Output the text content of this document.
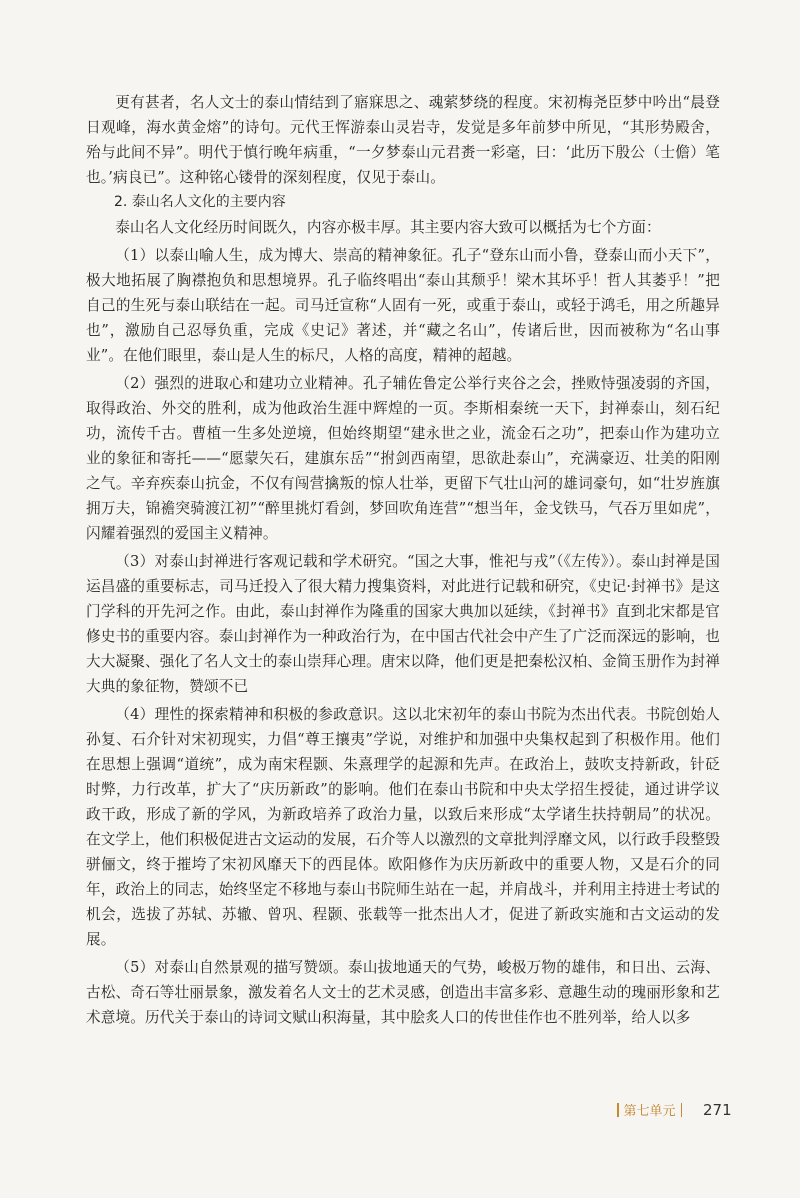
更有甚者，名人文士的泰山情结到了寤寐思之、魂萦梦绕的程度。宋初梅尧臣梦中吟出“晨登日观峰，海水黄金熔”的诗句。元代王恽游泰山灵岩寺，发觉是多年前梦中所见，“其形势殿舍，殆与此间不异”。明代于慎行晚年病重，“一夕梦泰山元君赉一彩毫，曰：‘此历下殷公（士儋）笔也。’病良已”。这种铭心镂骨的深刻程度，仅见于泰山。

2. 泰山名人文化的主要内容

泰山名人文化经历时间既久，内容亦极丰厚。其主要内容大致可以概括为七个方面：

（1）以泰山喻人生，成为博大、崇高的精神象征。孔子“登东山而小鲁，登泰山而小天下”，极大地拓展了胸襟抱负和思想境界。孔子临终唱出“泰山其颓乎！梁木其坏乎！哲人其萎乎！”把自己的生死与泰山联结在一起。司马迁宣称“人固有一死，或重于泰山，或轻于鸿毛，用之所趣异也”，激励自己忍辱负重，完成《史记》著述，并“藏之名山”，传诸后世，因而被称为“名山事业”。在他们眼里，泰山是人生的标尺，人格的高度，精神的超越。

（2）强烈的进取心和建功立业精神。孔子辅佐鲁定公举行夹谷之会，挫败恃强凌弱的齐国，取得政治、外交的胜利，成为他政治生涯中辉煌的一页。李斯相秦统一天下，封禅泰山，刻石纪功，流传千古。曹植一生多处逆境，但始终期望“建永世之业，流金石之功”，把泰山作为建功立业的象征和寄托——“愿蒙矢石，建旗东岳”“拊剑西南望，思欲赴泰山”，充满豪迈、壮美的阳刚之气。辛弃疾泰山抗金，不仅有闯营擒叛的惊人壮举，更留下气壮山河的雄词豪句，如“壮岁旌旗拥万夫，锦襜突骑渡江初”“醉里挑灯看剑，梦回吹角连营”“想当年，金戈铁马，气吞万里如虎”，闪耀着强烈的爱国主义精神。

（3）对泰山封禅进行客观记载和学术研究。“国之大事，惟祀与戎”（《左传》）。泰山封禅是国运昌盛的重要标志，司马迁投入了很大精力搜集资料，对此进行记载和研究，《史记·封禅书》是这门学科的开先河之作。由此，泰山封禅作为隆重的国家大典加以延续，《封禅书》直到北宋都是官修史书的重要内容。泰山封禅作为一种政治行为，在中国古代社会中产生了广泛而深远的影响，也大大凝聚、强化了名人文士的泰山崇拜心理。唐宋以降，他们更是把秦松汉柏、金简玉册作为封禅大典的象征物，赞颂不已

（4）理性的探索精神和积极的参政意识。这以北宋初年的泰山书院为杰出代表。书院创始人孙复、石介针对宋初现实，力倡“尊王攘夷”学说，对维护和加强中央集权起到了积极作用。他们在思想上强调“道统”，成为南宋程颢、朱熹理学的起源和先声。在政治上，鼓吹支持新政，针砭时弊，力行改革，扩大了“庆历新政”的影响。他们在泰山书院和中央太学招生授徒，通过讲学议政干政，形成了新的学风，为新政培养了政治力量，以致后来形成“太学诸生扶持朝局”的状况。在文学上，他们积极促进古文运动的发展，石介等人以激烈的文章批判浮靡文风，以行政手段整毁骈俪文，终于摧垮了宋初风靡天下的西昆体。欧阳修作为庆历新政中的重要人物，又是石介的同年，政治上的同志，始终坚定不移地与泰山书院师生站在一起，并肩战斗，并利用主持进士考试的机会，选拔了苏轼、苏辙、曾巩、程颢、张载等一批杰出人才，促进了新政实施和古文运动的发展。

（5）对泰山自然景观的描写赞颂。泰山拔地通天的气势，峻极万物的雄伟，和日出、云海、古松、奇石等壮丽景象，激发着名人文士的艺术灵感，创造出丰富多彩、意趣生动的瑰丽形象和艺术意境。历代关于泰山的诗词文赋山积海量，其中脍炙人口的传世佳作也不胜列举，给人以多

第七单元 271
